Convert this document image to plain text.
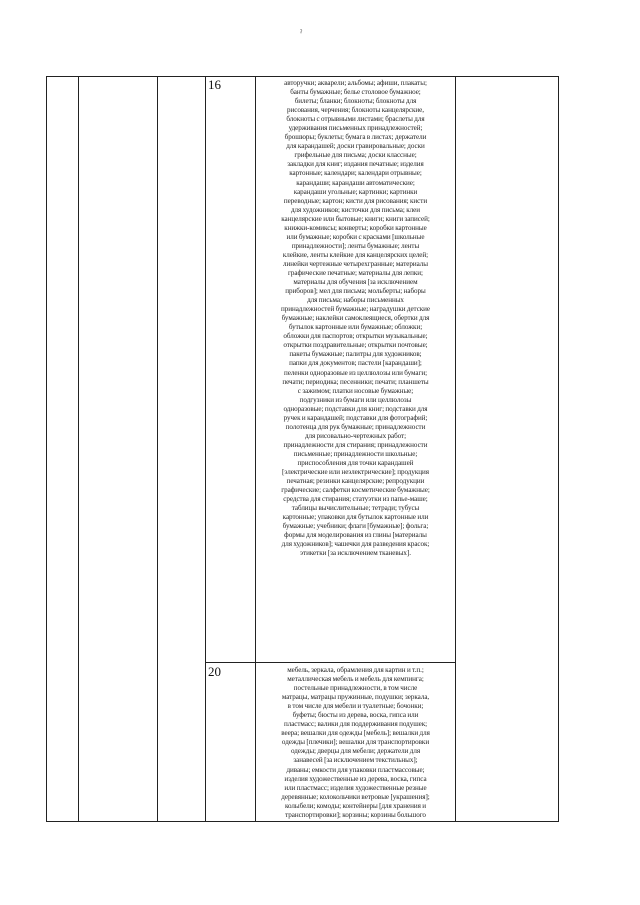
ˀ
16	авторучки; акварели; альбомы; афиши, плакаты;
банты бумажные; белье столовое бумажное;
билеты; бланки; блокноты; блокноты для
рисования, черчения; блокноты канцелярские,
блокноты с отрывными листами; браслеты для
удерживания письменных принадлежностей;
брошюры; буклеты; бумага в листах; держатели
для карандашей; доски гравировальные; доски
грифельные для письма; доски классные;
закладки для книг; издания печатные; изделия
картонные; календари; календари отрывные;
карандаши; карандаши автоматические;
карандаши угольные; картинки; картинки
переводные; картон; кисти для рисования; кисти
для художников; кисточки для письма; клеи
канцелярские или бытовые; книги; книги записей;
книжки-комиксы; конверты; коробки картонные
или бумажные; коробки с красками [школьные
принадлежности]; ленты бумажные; ленты
клейкие, ленты клейкие для канцелярских целей;
линейки чертежные четырехгранные; материалы
графические печатные; материалы для лепки;
материалы для обучения [за исключением
приборов]; мел для письма; мольберты; наборы
для письма; наборы письменных
принадлежностей бумажные; наградушки детские
бумажные; наклейки самоклеящиеся, обертки для
бутылок картонные или бумажные; обложки;
обложки для паспортов; открытки музыкальные;
открытки поздравительные; открытки почтовые;
пакеты бумажные; палитры для художников;
папки для документов; пастели [карандаши];
пеленки одноразовые из целлюлозы или бумаги;
печати; периодика; песенники; печати; планшеты
с зажимом; платки носовые бумажные;
подгузники из бумаги или целлюлозы
одноразовые; подставки для книг; подставки для
ручек и карандашей; подставки для фотографий;
полотенца для рук бумажные; принадлежности
для рисовально-чертежных работ;
принадлежности для стирания; принадлежности
письменные; принадлежности школьные;
приспособления для точки карандашей
[электрические или неэлектрические]; продукция
печатная; резинки канцелярские; репродукции
графические; салфетки косметические бумажные;
средства для стирания; статуэтки из папье-маше;
таблицы вычислительные; тетради; тубусы
картонные; упаковки для бутылок картонные или
бумажные; учебники; флаги [бумажные]; фольга;
формы для моделирования из глины [материалы
для художников]; чашечки для разведения красок;
этикетки [за исключением тканевых].
20	мебель, зеркала, обрамления для картин и т.п.;
металлическая мебель и мебель для кемпинга;
постельные принадлежности, в том числе
матрацы, матрацы пружинные, подушки; зеркала,
в том числе для мебели и туалетные; бочонки;
буфеты; бюсты из дерева, воска, гипса или
пластмасс; валики для поддерживания подушек;
веера; вешалки для одежды [мебель]; вешалки для
одежды [плечики]; вешалки для транспортировки
одежды; дверцы для мебели; держатели для
занавесей [за исключением текстильных];
диваны; емкости для упаковки пластмассовые;
изделия художественные из дерева, воска, гипса
или пластмасс; изделия художественные резные
деревянные; колокольчики ветровые [украшения];
колыбели; комоды; контейнеры [для хранения и
транспортировки]; корзины; корзины большого
